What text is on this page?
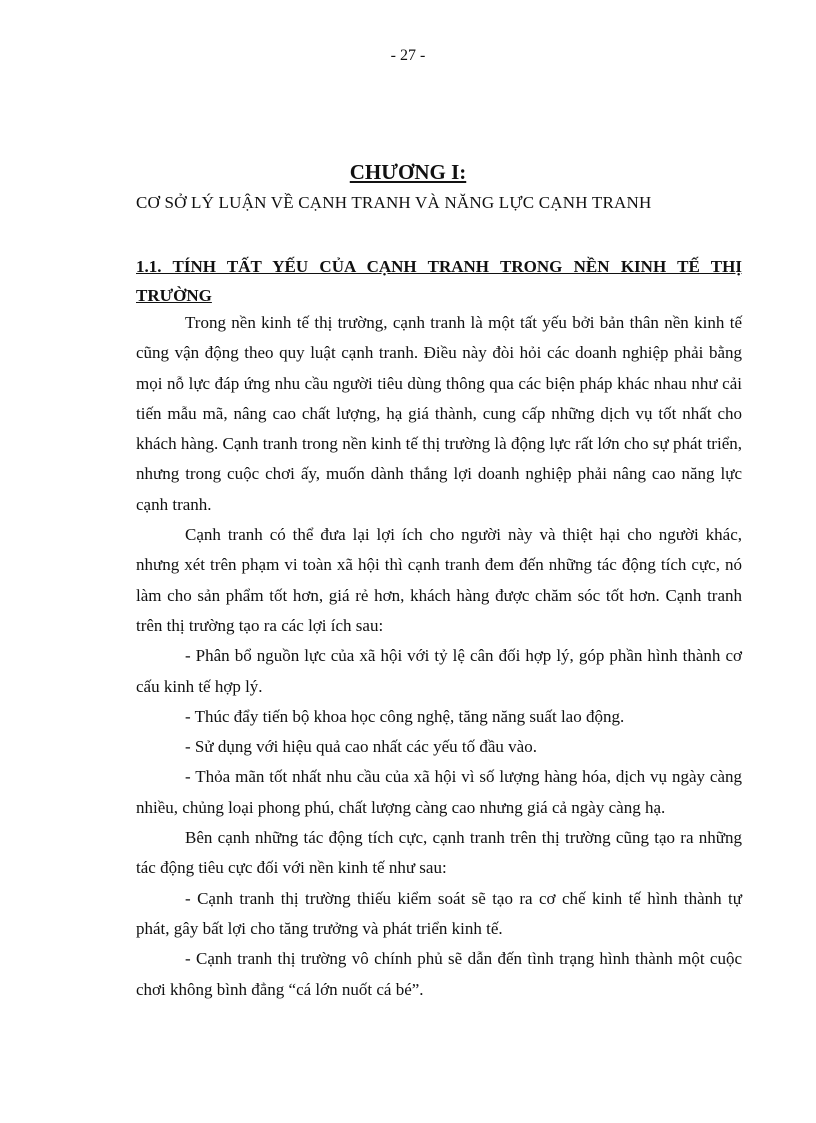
- 27 -
CHƯƠNG I:
CƠ SỞ LÝ LUẬN VỀ CẠNH TRANH VÀ NĂNG LỰC CẠNH TRANH
1.1. TÍNH TẤT YẾU CỦA CẠNH TRANH TRONG NỀN KINH TẾ THỊ
TRƯỜNG

Trong nền kinh tế thị trường, cạnh tranh là một tất yếu bởi bản thân nền kinh tế cũng vận động theo quy luật cạnh tranh. Điều này đòi hỏi các doanh nghiệp phải bằng mọi nỗ lực đáp ứng nhu cầu người tiêu dùng thông qua các biện pháp khác nhau như cải tiến mẫu mã, nâng cao chất lượng, hạ giá thành, cung cấp những dịch vụ tốt nhất cho khách hàng. Cạnh tranh trong nền kinh tế thị trường là động lực rất lớn cho sự phát triển, nhưng trong cuộc chơi ấy, muốn dành thắng lợi doanh nghiệp phải nâng cao năng lực cạnh tranh.

Cạnh tranh có thể đưa lại lợi ích cho người này và thiệt hại cho người khác, nhưng xét trên phạm vi toàn xã hội thì cạnh tranh đem đến những tác động tích cực, nó làm cho sản phẩm tốt hơn, giá rẻ hơn, khách hàng được chăm sóc tốt hơn. Cạnh tranh trên thị trường tạo ra các lợi ích sau:

- Phân bổ nguồn lực của xã hội với tỷ lệ cân đối hợp lý, góp phần hình thành cơ cấu kinh tế hợp lý.

- Thúc đẩy tiến bộ khoa học công nghệ, tăng năng suất lao động.

- Sử dụng với hiệu quả cao nhất các yếu tố đầu vào.

- Thỏa mãn tốt nhất nhu cầu của xã hội vì số lượng hàng hóa, dịch vụ ngày càng nhiều, chủng loại phong phú, chất lượng càng cao nhưng giá cả ngày càng hạ.

Bên cạnh những tác động tích cực, cạnh tranh trên thị trường cũng tạo ra những tác động tiêu cực đối với nền kinh tế như sau:

- Cạnh tranh thị trường thiếu kiểm soát sẽ tạo ra cơ chế kinh tế hình thành tự phát, gây bất lợi cho tăng trưởng và phát triển kinh tế.

- Cạnh tranh thị trường vô chính phủ sẽ dẫn đến tình trạng hình thành một cuộc chơi không bình đẳng “cá lớn nuốt cá bé”.
